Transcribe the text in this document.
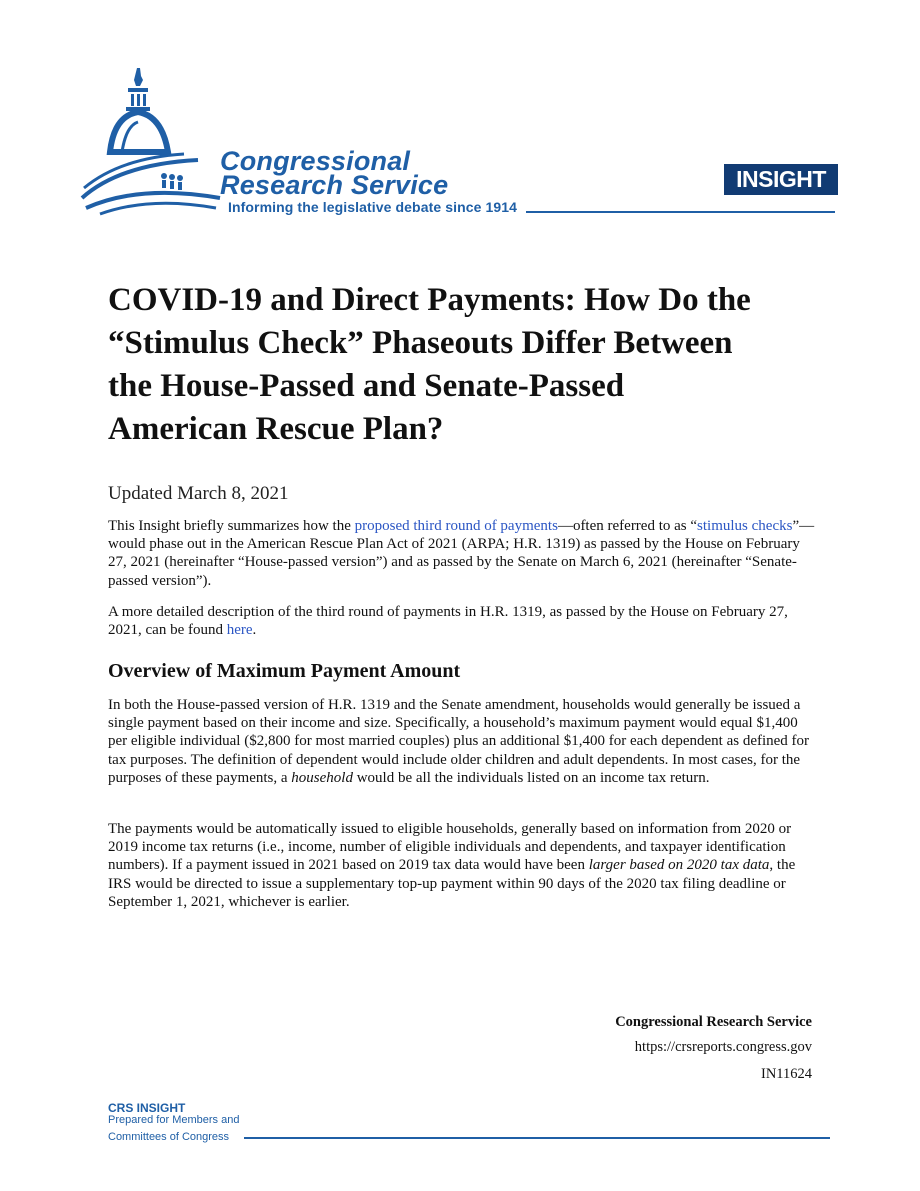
Congressional
Research Service
Informing the legislative debate since 1914
INSIGHT
COVID-19 and Direct Payments: How Do the
“Stimulus Check” Phaseouts Differ Between
the House-Passed and Senate-Passed
American Rescue Plan?
Updated March 8, 2021
This Insight briefly summarizes how the proposed third round of payments—often referred to as “stimulus checks”—would phase out in the American Rescue Plan Act of 2021 (ARPA; H.R. 1319) as passed by the House on February 27, 2021 (hereinafter “House-passed version”) and as passed by the Senate on March 6, 2021 (hereinafter “Senate-passed version”).
A more detailed description of the third round of payments in H.R. 1319, as passed by the House on February 27, 2021, can be found here.
Overview of Maximum Payment Amount
In both the House-passed version of H.R. 1319 and the Senate amendment, households would generally be issued a single payment based on their income and size. Specifically, a household’s maximum payment would equal $1,400 per eligible individual ($2,800 for most married couples) plus an additional $1,400 for each dependent as defined for tax purposes. The definition of dependent would include older children and adult dependents. In most cases, for the purposes of these payments, a household would be all the individuals listed on an income tax return.
The payments would be automatically issued to eligible households, generally based on information from 2020 or 2019 income tax returns (i.e., income, number of eligible individuals and dependents, and taxpayer identification numbers). If a payment issued in 2021 based on 2019 tax data would have been larger based on 2020 tax data, the IRS would be directed to issue a supplementary top-up payment within 90 days of the 2020 tax filing deadline or September 1, 2021, whichever is earlier.
Congressional Research Service
https://crsreports.congress.gov
IN11624
CRS INSIGHT
Prepared for Members and
Committees of Congress
